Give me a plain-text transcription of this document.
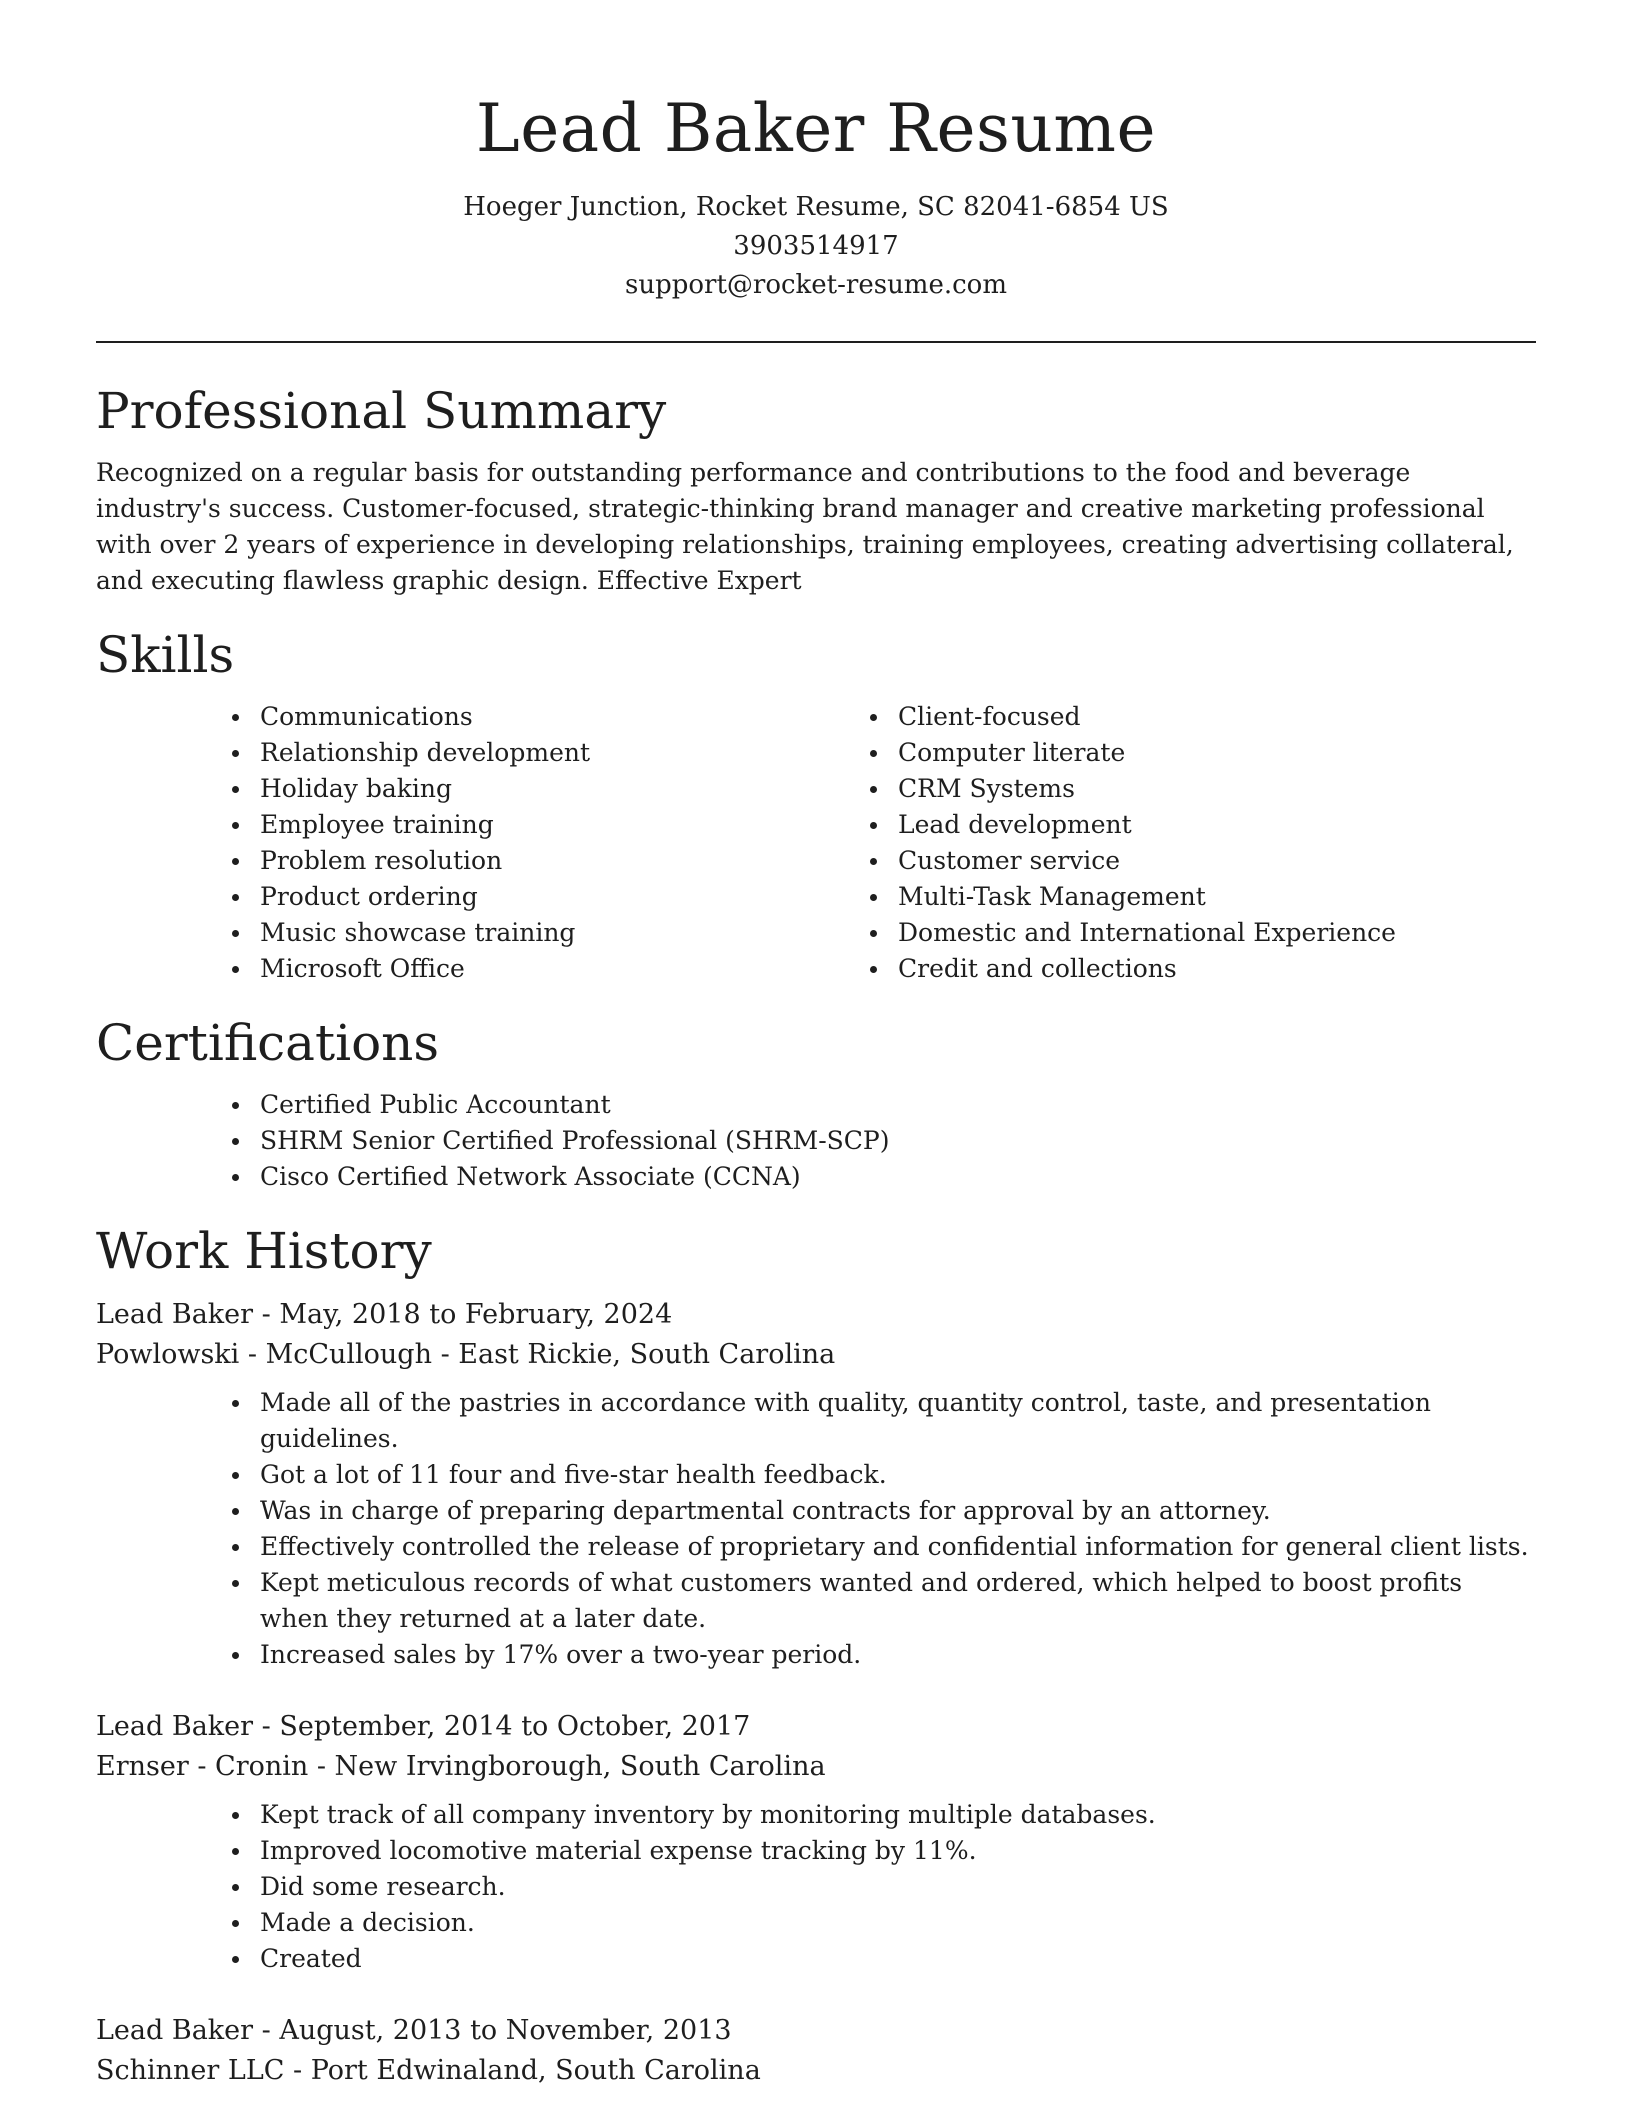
Lead Baker Resume
Hoeger Junction, Rocket Resume, SC 82041-6854 US
3903514917
support@rocket-resume.com
Professional Summary

Recognized on a regular basis for outstanding performance and contributions to the food and beverage industry's success. Customer-focused, strategic-thinking brand manager and creative marketing professional with over 2 years of experience in developing relationships, training employees, creating advertising collateral, and executing flawless graphic design. Effective Expert

Skills
Communications
Relationship development
Holiday baking
Employee training
Problem resolution
Product ordering
Music showcase training
Microsoft Office
Client-focused
Computer literate
CRM Systems
Lead development
Customer service
Multi-Task Management
Domestic and International Experience
Credit and collections
Certifications
Certified Public Accountant
SHRM Senior Certified Professional (SHRM-SCP)
Cisco Certified Network Associate (CCNA)
Work History
Lead Baker - May, 2018 to February, 2024
Powlowski - McCullough - East Rickie, South Carolina
Made all of the pastries in accordance with quality, quantity control, taste, and presentation guidelines.
Got a lot of 11 four and five-star health feedback.
Was in charge of preparing departmental contracts for approval by an attorney.
Effectively controlled the release of proprietary and confidential information for general client lists.
Kept meticulous records of what customers wanted and ordered, which helped to boost profits when they returned at a later date.
Increased sales by 17% over a two-year period.
Lead Baker - September, 2014 to October, 2017
Ernser - Cronin - New Irvingborough, South Carolina
Kept track of all company inventory by monitoring multiple databases.
Improved locomotive material expense tracking by 11%.
Did some research.
Made a decision.
Created
Lead Baker - August, 2013 to November, 2013
Schinner LLC - Port Edwinaland, South Carolina
